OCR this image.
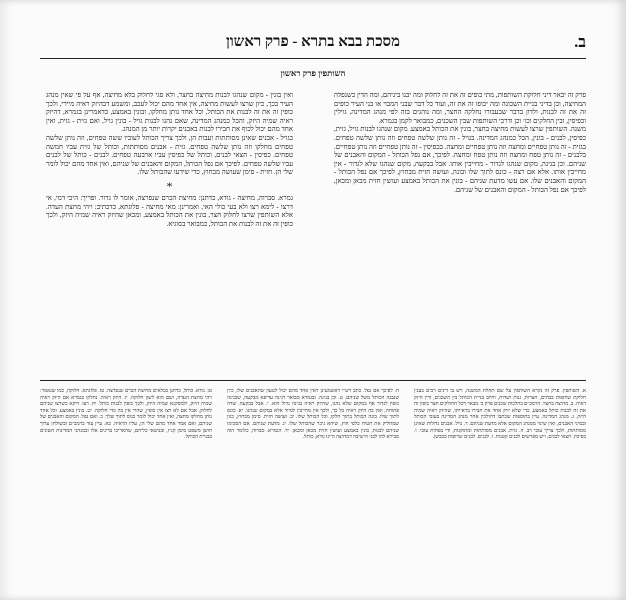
ב.
מסכת בבא בתרא - פרק ראשון
השותפין פרק ראשון

פרק זה יבאר דיני חלוקת השותפות, מתי כופים זה את זה לחלוק ומה יבנו ביניהם, ומה הדין כשנפלה המחיצה, וכן בדיני בניית השכונה ומה יכופו זה את זה, ועוד כל דבר שבני המבוי או בני העיר כופים זה את זה לבנות, ולדון בדבר שבעבורו נחלקה החצר, ומה נוהגים בזה לפי מנהג המדינה, גוילין וכפיסין, ובין החלקים וכו׳ וכן ודרכי השותפות שבין השכנים, כמבואר לקמן בגמרא.

משנה. השותפין שרצו לעשות מחיצה בחצר, בונין את הכותל באמצע. מקום שנהגו לבנות גויל, גזית, כפיסין, לבנים - בונין, הכל כמנהג המדינה. בגויל - זה נותן שלשה טפחים וזה נותן שלשה טפחים. בגזית - זה נותן טפחיים ומחצה וזה נותן טפחיים ומחצה. בכפיסין - זה נותן טפחיים וזה נותן טפחיים. בלבנים - זה נותן טפח ומחצה וזה נותן טפח ומחצה. לפיכך, אם נפל הכותל - המקום והאבנים של שניהם. וכן בגינה, מקום שנהגו לגדור - מחייבין אותו. אבל בבקעה, מקום שנהגו שלא לגדור - אין מחייבין אותו. אלא אם רצה - כונס לתוך שלו ובונה, ועושה חזית מבחוץ, לפיכך אם נפל הכותל - המקום והאבנים שלו. אם עשו מדעת שניהם - בונין את הכותל באמצע ועושין חזית מכאן ומכאן, לפיכך אם נפל הכותל - המקום והאבנים של שניהם.

ואין בונין - מקום שנהגו לבנות מחיצה בחצר, ולא סגי לחלוק בלא מחיצה, אף על פי שאין מנהג העיר בכך, כיון שרצו לעשות מחיצה, אין אחד מהם יכול לעכב, ומשמע דבהיזק ראיה מיירי, ולכך כופין זה את זה לבנות את הכותל, וכל אחד נותן מחלקו, ובונין באמצע, כדאמרינן בגמרא, דהיזק ראיה שמיה היזק, והכל כמנהג המדינה, שאם נהגו לבנות גויל - בונין גויל, ואם גזית - גזית, ואין אחד מהם יכול לכוף את חבירו לבנות באבנים יקרות יותר מן המנהג.

בגויל - אבנים שאינן מסותתות ועבות הן, ולכך צריך הכותל לעוביו ששה טפחים, וזה נותן שלשה טפחים מחלקו וזה נותן שלשה טפחים. גזית - אבנים מסותתות, וכותל של גזית עביו חמשה טפחים. כפיסין - חצאי לבנים, וכותל של כפיסין עביו ארבעה טפחים. לבנים - כותל של לבנים עביו שלשה טפחים. לפיכך אם נפל הכותל, המקום והאבנים של שניהם, ואין אחד מהם יכול לומר שלי הן. חזית - סימן שעושה מבחוץ, כדי שידעו שהכותל שלו.

*

גמרא. סברוה, מחיצה - גודא, כדתנן: מחיצת הכרם שנפרצה, אומר לו גדור. ופריך: היכי דמי, אי דרצו - לימא רצו ולא בעי כולי האי, ואמרינן: מאי מחיצה - פלוגתא, כדכתיב: ויהי מחצת העדה. אלא השותפין שרצו לחלוק חצר, בונין את הכותל באמצע, ומכאן שהיזק ראיה שמיה היזק, ולכך כופין זה את זה לבנות את הכותל, כמבואר בסוגיא.

א. השותפין. פרק זה נקרא השותפין על שם תחלת המשנה, ויש בו דינים רבים בענין חלוקת שותפות בבתים, חצרות, גנות ושדות, וחיוב בניית הכותל בין השכנים, ודין היזק ראיה. ב. מחיצה בחצר. הרמב״ם בהלכות שכנים פרק ב׳ מבאר דכל החולקים חצר כופין זה את זה לבנות כותל באמצע, כדי שלא יזיק אחד את חבירו בראייתו, שהיזק ראיה שמיה היזק. ג. מנהג המדינה. עיין בתוספות שכתבו דהולכין אחר מנהג המדינה בעובי הכותל ובמיני האבנים, ואין שינוי ממנהג המקום אלא מדעת שניהם. ד. גויל. אבנים גדולות שאינן מסותתות, ולכך צריך עובי רב. ה. גזית. אבנים מסותתות ומתוקנות, ודי בפחות עובי. ו. כפיסין. חצאי לבנים, ויש מפרשים לבנים קטנות. ז. לבנים. לבנים שרופות בכבשן.

ח. לפיכך אם נפל. כתב רש״י דאשמעינן דאין אחד מהם יכול לטעון שהאבנים שלו, כיון שנבנה הכותל משל שניהם. ט. וכן בגינה. ובגמרא מבואר דגינה עדיפא מבקעה, שבגינה כופין לגדור אף במקום שלא נהגו, שהיזק ראיה בגינה גדול הוא. י. אבל בבקעה. שדה פתוחה, ואין בה היזק ראיה כל כך, ולכך אין מחייבין לגדור אלא במקום שנהגו. יא. כונס לתוך שלו. בונה הכותל בתוך חלקו, וכל הכותל שלו. יב. ועושה חזית. סימן מבחוץ, כגון שמחליק את הטיח כלפי חוץ, שיהא ניכר שהכותל שלו. יג. מדעת שניהם. אם הסכימו שניהם לבנות, בונין באמצע ועושין חזית מכאן ומכאן. יד. הגמרא. סברוה, כלומר הוה סבירא להו לבני הישיבה דמחיצה היינו גודא, כותל.

טו. גודא. כותל, כדתנן בכלאים מחיצת הכרם שנפרצה. טז. פלוגתא. חלוקה, כמו שנאמר: ויהי מחצת העדה, ושם הוא לשון חלוקה. יז. היזק ראיה. נחלקו בגמרא אם היזק ראיה שמיה היזק, ולמסקנא שמיה היזק, ולכך כופין לבנות כותל. יח. רצו. דוקא כשרצו שניהם לחלוק, אבל אם לא רצו אין כופין, שהרי אין בה כדי חלוקה. יט. בונין באמצע. וכל אחד נותן מחלקו מחצה, ואין אחד יכול לומר כנוס לתוך שלך. כ. ואם נפל. המקום והאבנים של שניהם, ואם אמר אחד מהם שלי הן, עליו הראיה. כא. עיין עוד ברמב״ם ובשולחן ערוך חושן משפט סימן קנ״ז, ובנושאי כליהם, שהאריכו בדינים אלו ובמנהגי המדינות השונים בבניית הכותל.
